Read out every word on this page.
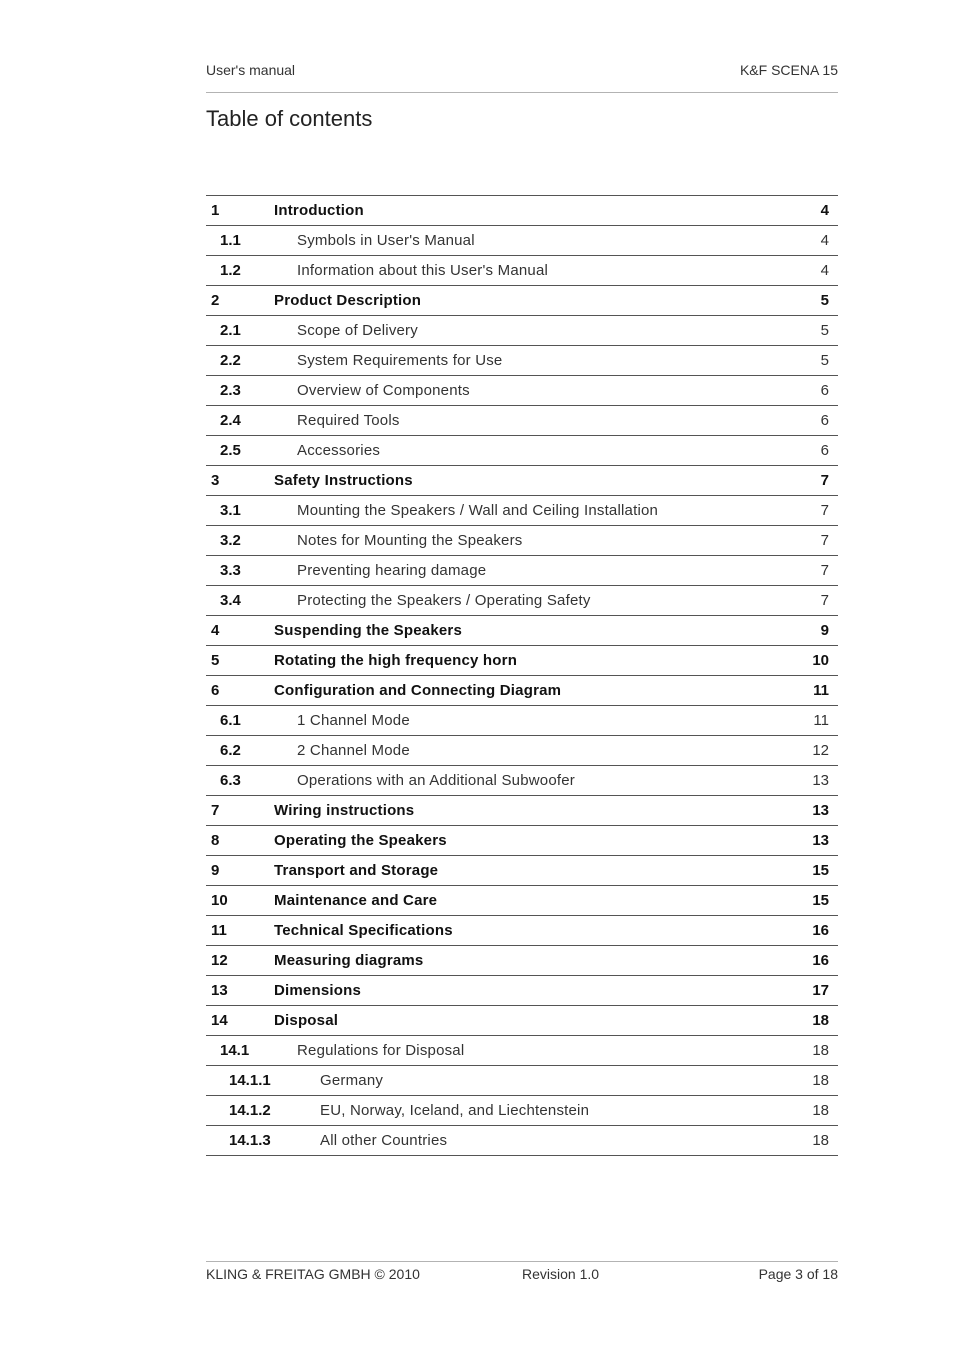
User's manual	K&F SCENA 15
Table of contents
1	Introduction	4
1.1	Symbols in User's Manual	4
1.2	Information about this User's Manual	4
2	Product Description	5
2.1	Scope of Delivery	5
2.2	System Requirements for Use	5
2.3	Overview of Components	6
2.4	Required Tools	6
2.5	Accessories	6
3	Safety Instructions	7
3.1	Mounting the Speakers / Wall and Ceiling Installation	7
3.2	Notes for Mounting the Speakers	7
3.3	Preventing hearing damage	7
3.4	Protecting the Speakers / Operating Safety	7
4	Suspending the Speakers	9
5	Rotating the high frequency horn	10
6	Configuration and Connecting Diagram	11
6.1	1 Channel Mode	11
6.2	2 Channel Mode	12
6.3	Operations with an Additional Subwoofer	13
7	Wiring instructions	13
8	Operating the Speakers	13
9	Transport and Storage	15
10	Maintenance and Care	15
11	Technical Specifications	16
12	Measuring diagrams	16
13	Dimensions	17
14	Disposal	18
14.1	Regulations for Disposal	18
14.1.1	Germany	18
14.1.2	EU, Norway, Iceland, and Liechtenstein	18
14.1.3	All other Countries	18
KLING & FREITAG GMBH © 2010	Revision 1.0	Page 3 of 18
